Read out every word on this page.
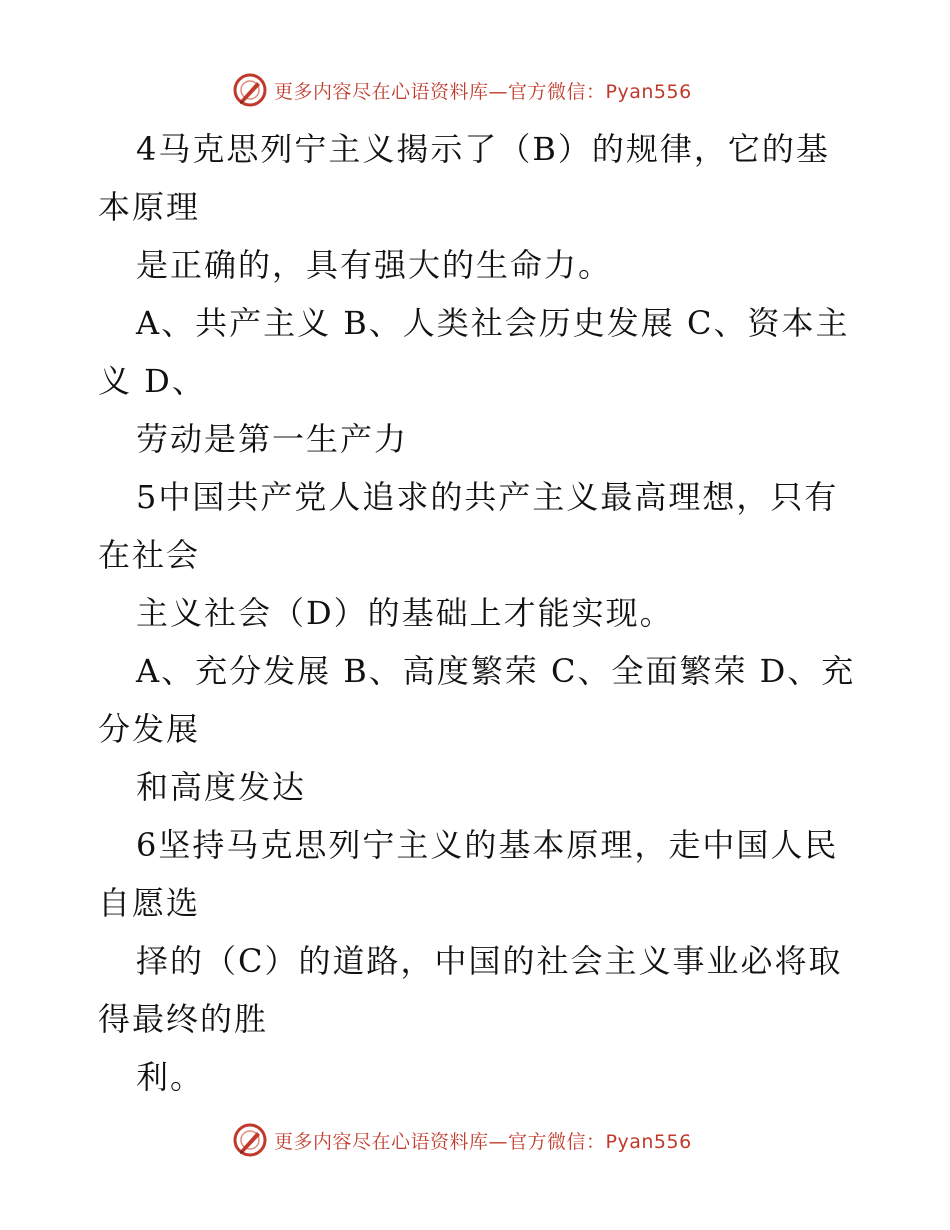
更多内容尽在心语资料库—官方微信：Pyan556
4马克思列宁主义揭示了（B）的规律，它的基
本原理
是正确的，具有强大的生命力。
A、共产主义 B、人类社会历史发展 C、资本主
义 D、
劳动是第一生产力
5中国共产党人追求的共产主义最高理想，只有
在社会
主义社会（D）的基础上才能实现。
A、充分发展 B、高度繁荣 C、全面繁荣 D、充
分发展
和高度发达
6坚持马克思列宁主义的基本原理，走中国人民
自愿选
择的（C）的道路，中国的社会主义事业必将取
得最终的胜
利。
更多内容尽在心语资料库—官方微信：Pyan556
